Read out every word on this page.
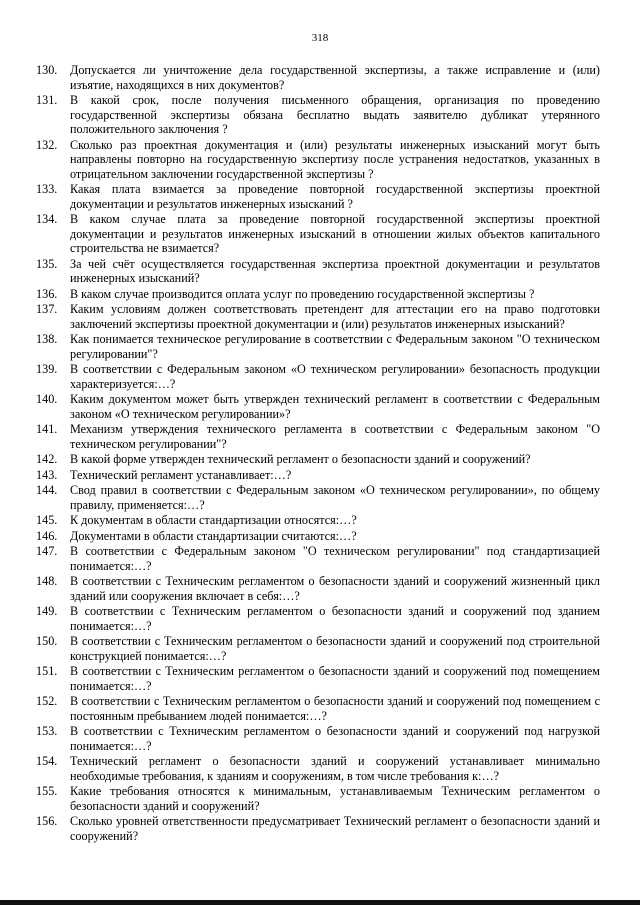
318
130.	Допускается ли уничтожение дела государственной экспертизы, а также исправление и (или) изъятие, находящихся в них документов?
131.	В какой срок, после получения письменного обращения, организация по проведению государственной экспертизы обязана бесплатно выдать заявителю дубликат утерянного положительного заключения ?
132.	Сколько раз проектная документация и (или) результаты инженерных изысканий могут быть направлены повторно на государственную экспертизу после устранения недостатков, указанных в отрицательном заключении государственной экспертизы ?
133.	Какая плата взимается за проведение повторной государственной экспертизы проектной документации и результатов инженерных изысканий ?
134.	В каком случае плата за проведение повторной государственной экспертизы проектной документации и результатов инженерных изысканий в отношении жилых объектов капитального строительства не взимается?
135.	За чей счёт осуществляется государственная экспертиза проектной документации и результатов инженерных изысканий?
136.	В каком случае производится оплата услуг по проведению государственной экспертизы ?
137.	Каким условиям должен соответствовать претендент для аттестации его на право подготовки заключений экспертизы проектной документации и (или) результатов инженерных изысканий?
138.	Как понимается техническое регулирование в соответствии с Федеральным законом "О техническом регулировании"?
139.	В соответствии с Федеральным законом «О техническом регулировании» безопасность продукции характеризуется:…?
140.	Каким документом может быть утвержден технический регламент в соответствии с Федеральным законом «О техническом регулировании»?
141.	Механизм утверждения технического регламента в соответствии с Федеральным законом "О техническом регулировании"?
142.	В какой форме утвержден технический регламент о безопасности зданий и сооружений?
143.	Технический регламент устанавливает:…?
144.	Свод правил в соответствии с Федеральным законом «О техническом регулировании», по общему правилу, применяется:…?
145.	К документам в области стандартизации относятся:…?
146.	Документами в области стандартизации считаются:…?
147.	В соответствии с Федеральным законом "О техническом регулировании" под стандартизацией понимается:…?
148.	В соответствии с Техническим регламентом о безопасности зданий и сооружений жизненный цикл зданий или сооружения включает в себя:…?
149.	В соответствии с Техническим регламентом о безопасности зданий и сооружений под зданием понимается:…?
150.	В соответствии с Техническим регламентом о безопасности зданий и сооружений под строительной конструкцией понимается:…?
151.	В соответствии с Техническим регламентом о безопасности зданий и сооружений под помещением понимается:…?
152.	В соответствии с Техническим регламентом о безопасности зданий и сооружений под помещением с постоянным пребыванием людей понимается:…?
153.	В соответствии с Техническим регламентом о безопасности зданий и сооружений под нагрузкой понимается:…?
154.	Технический регламент о безопасности зданий и сооружений устанавливает минимально необходимые требования, к зданиям и сооружениям, в том числе требования к:…?
155.	Какие требования относятся к минимальным, устанавливаемым Техническим регламентом о безопасности зданий и сооружений?
156.	Сколько уровней ответственности предусматривает Технический регламент о безопасности зданий и сооружений?
